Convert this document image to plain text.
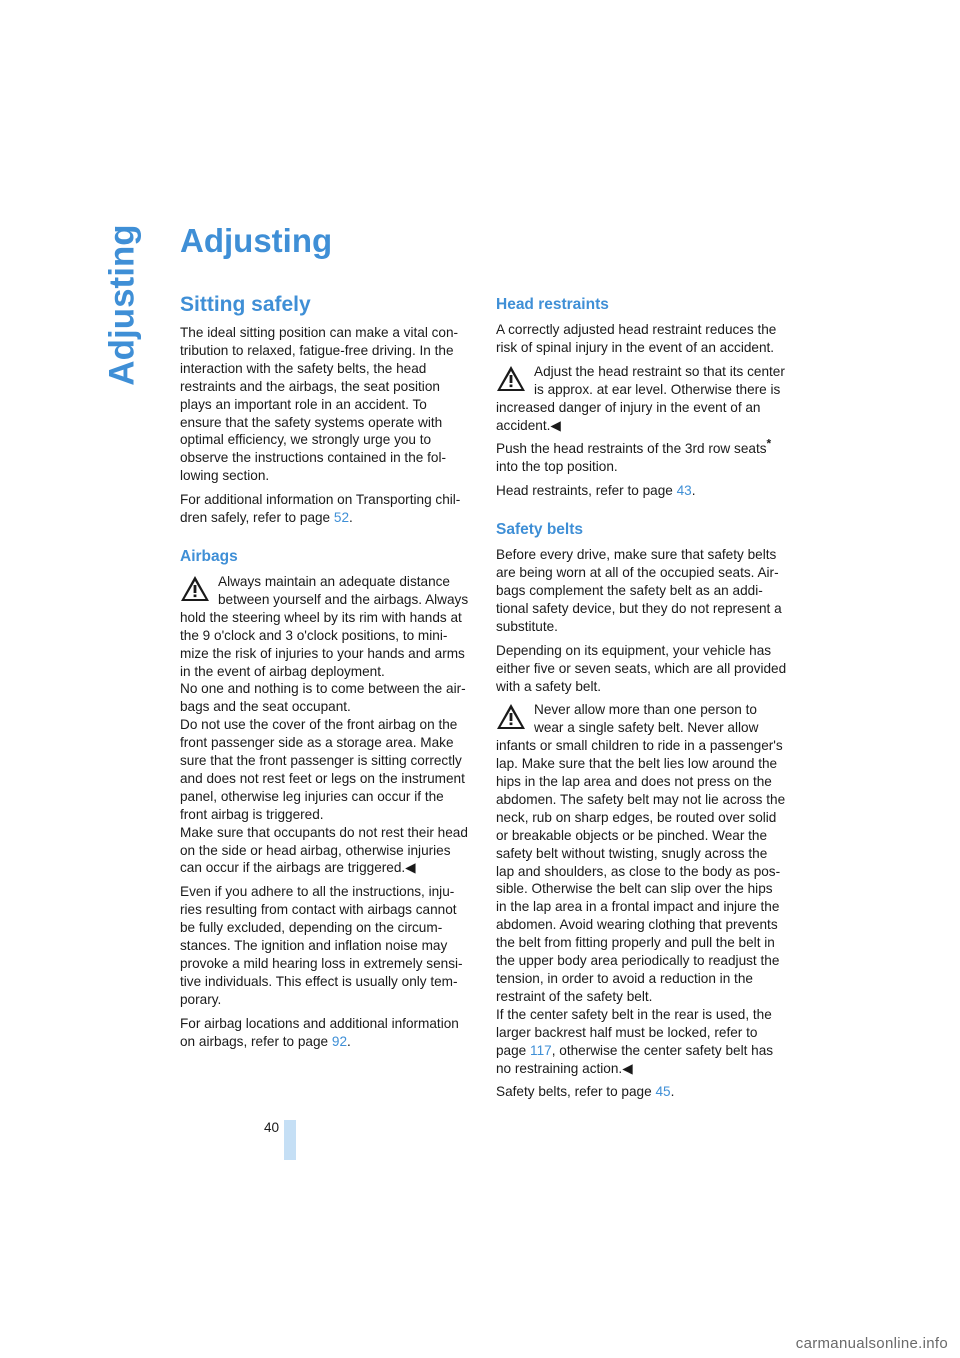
Adjusting Adjusting
Sitting safely

The ideal sitting position can make a vital con-
tribution to relaxed, fatigue-free driving. In the
interaction with the safety belts, the head
restraints and the airbags, the seat position
plays an important role in an accident. To
ensure that the safety systems operate with
optimal efficiency, we strongly urge you to
observe the instructions contained in the fol-
lowing section.

For additional information on Transporting chil-
dren safely, refer to page 52.

Airbags
Always maintain an adequate distance
between yourself and the airbags. Always
hold the steering wheel by its rim with hands at
the 9 o'clock and 3 o'clock positions, to mini-
mize the risk of injuries to your hands and arms
in the event of airbag deployment.
No one and nothing is to come between the air-
bags and the seat occupant.
Do not use the cover of the front airbag on the
front passenger side as a storage area. Make
sure that the front passenger is sitting correctly
and does not rest feet or legs on the instrument
panel, otherwise leg injuries can occur if the
front airbag is triggered.
Make sure that occupants do not rest their head
on the side or head airbag, otherwise injuries
can occur if the airbags are triggered.◀

Even if you adhere to all the instructions, inju-
ries resulting from contact with airbags cannot
be fully excluded, depending on the circum-
stances. The ignition and inflation noise may
provoke a mild hearing loss in extremely sensi-
tive individuals. This effect is usually only tem-
porary.

For airbag locations and additional information
on airbags, refer to page 92.

Head restraints

A correctly adjusted head restraint reduces the
risk of spinal injury in the event of an accident.

Adjust the head restraint so that its center
is approx. at ear level. Otherwise there is
increased danger of injury in the event of an
accident.◀

Push the head restraints of the 3rd row seats*
into the top position.

Head restraints, refer to page 43.

Safety belts

Before every drive, make sure that safety belts
are being worn at all of the occupied seats. Air-
bags complement the safety belt as an addi-
tional safety device, but they do not represent a
substitute.

Depending on its equipment, your vehicle has
either five or seven seats, which are all provided
with a safety belt.

Never allow more than one person to
wear a single safety belt. Never allow
infants or small children to ride in a passenger's
lap. Make sure that the belt lies low around the
hips in the lap area and does not press on the
abdomen. The safety belt may not lie across the
neck, rub on sharp edges, be routed over solid
or breakable objects or be pinched. Wear the
safety belt without twisting, snugly across the
lap and shoulders, as close to the body as pos-
sible. Otherwise the belt can slip over the hips
in the lap area in a frontal impact and injure the
abdomen. Avoid wearing clothing that prevents
the belt from fitting properly and pull the belt in
the upper body area periodically to readjust the
tension, in order to avoid a reduction in the
restraint of the safety belt.
If the center safety belt in the rear is used, the
larger backrest half must be locked, refer to
page 117, otherwise the center safety belt has
no restraining action.◀

Safety belts, refer to page 45.

40
carmanualsonline.info
